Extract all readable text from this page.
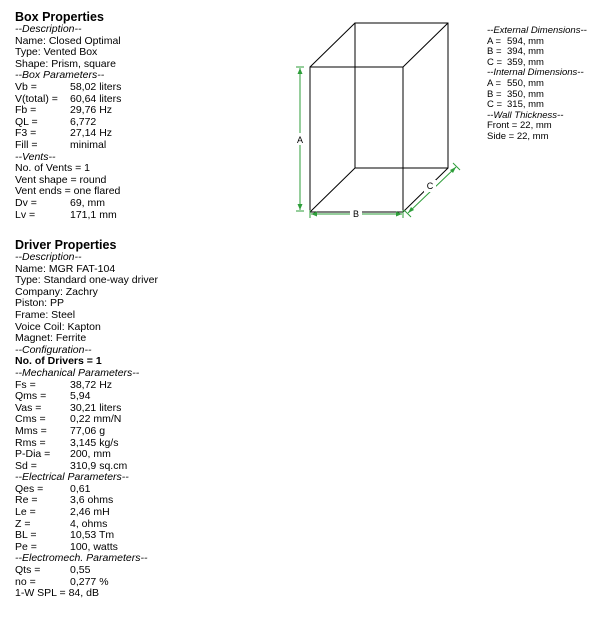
Box Properties
--Description--
Name: Closed Optimal
Type: Vented Box
Shape: Prism, square
--Box Parameters--
Vb =	58,02 liters
V(total) =	60,64 liters
Fb =	29,76 Hz
QL =	6,772
F3 =	27,14 Hz
Fill =	minimal
--Vents--
No. of Vents = 1
Vent shape = round
Vent ends = one flared
Dv =	69, mm
Lv =	171,1 mm
A
B
C
--External Dimensions--
A = 594, mm
B = 394, mm
C = 359, mm
--Internal Dimensions--
A = 550, mm
B = 350, mm
C = 315, mm
--Wall Thickness--
Front = 22, mm
Side = 22, mm
Driver Properties
--Description--
Name: MGR FAT-104
Type: Standard one-way driver
Company: Zachry
Piston: PP
Frame: Steel
Voice Coil: Kapton
Magnet: Ferrite
--Configuration--
No. of Drivers = 1
--Mechanical Parameters--
Fs =	38,72 Hz
Qms =	5,94
Vas =	30,21 liters
Cms =	0,22 mm/N
Mms =	77,06 g
Rms =	3,145 kg/s
P-Dia =	200, mm
Sd =	310,9 sq.cm
--Electrical Parameters--
Qes =	0,61
Re =	3,6 ohms
Le =	2,46 mH
Z =	4, ohms
BL =	10,53 Tm
Pe =	100, watts
--Electromech. Parameters--
Qts =	0,55
no =	0,277 %
1-W SPL = 84, dB
